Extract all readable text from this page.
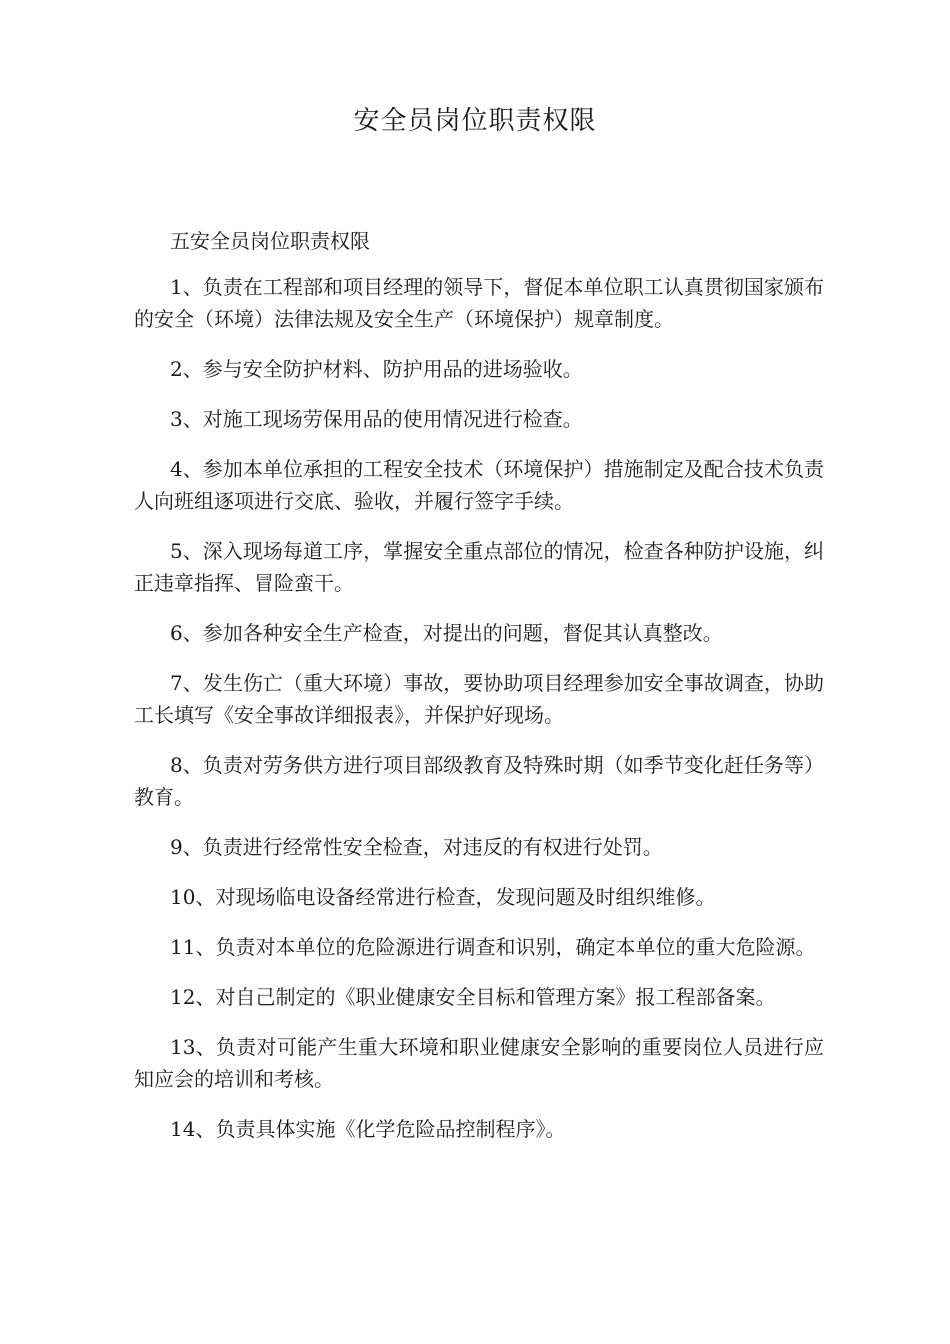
安全员岗位职责权限

五安全员岗位职责权限

1、负责在工程部和项目经理的领导下，督促本单位职工认真贯彻国家颁布的安全（环境）法律法规及安全生产（环境保护）规章制度。

2、参与安全防护材料、防护用品的进场验收。

3、对施工现场劳保用品的使用情况进行检查。

4、参加本单位承担的工程安全技术（环境保护）措施制定及配合技术负责人向班组逐项进行交底、验收，并履行签字手续。

5、深入现场每道工序，掌握安全重点部位的情况，检查各种防护设施，纠正违章指挥、冒险蛮干。

6、参加各种安全生产检查，对提出的问题，督促其认真整改。

7、发生伤亡（重大环境）事故，要协助项目经理参加安全事故调查，协助工长填写《安全事故详细报表》，并保护好现场。

8、负责对劳务供方进行项目部级教育及特殊时期（如季节变化赶任务等）教育。

9、负责进行经常性安全检查，对违反的有权进行处罚。

10、对现场临电设备经常进行检查，发现问题及时组织维修。

11、负责对本单位的危险源进行调查和识别，确定本单位的重大危险源。

12、对自己制定的《职业健康安全目标和管理方案》报工程部备案。

13、负责对可能产生重大环境和职业健康安全影响的重要岗位人员进行应知应会的培训和考核。

14、负责具体实施《化学危险品控制程序》。
